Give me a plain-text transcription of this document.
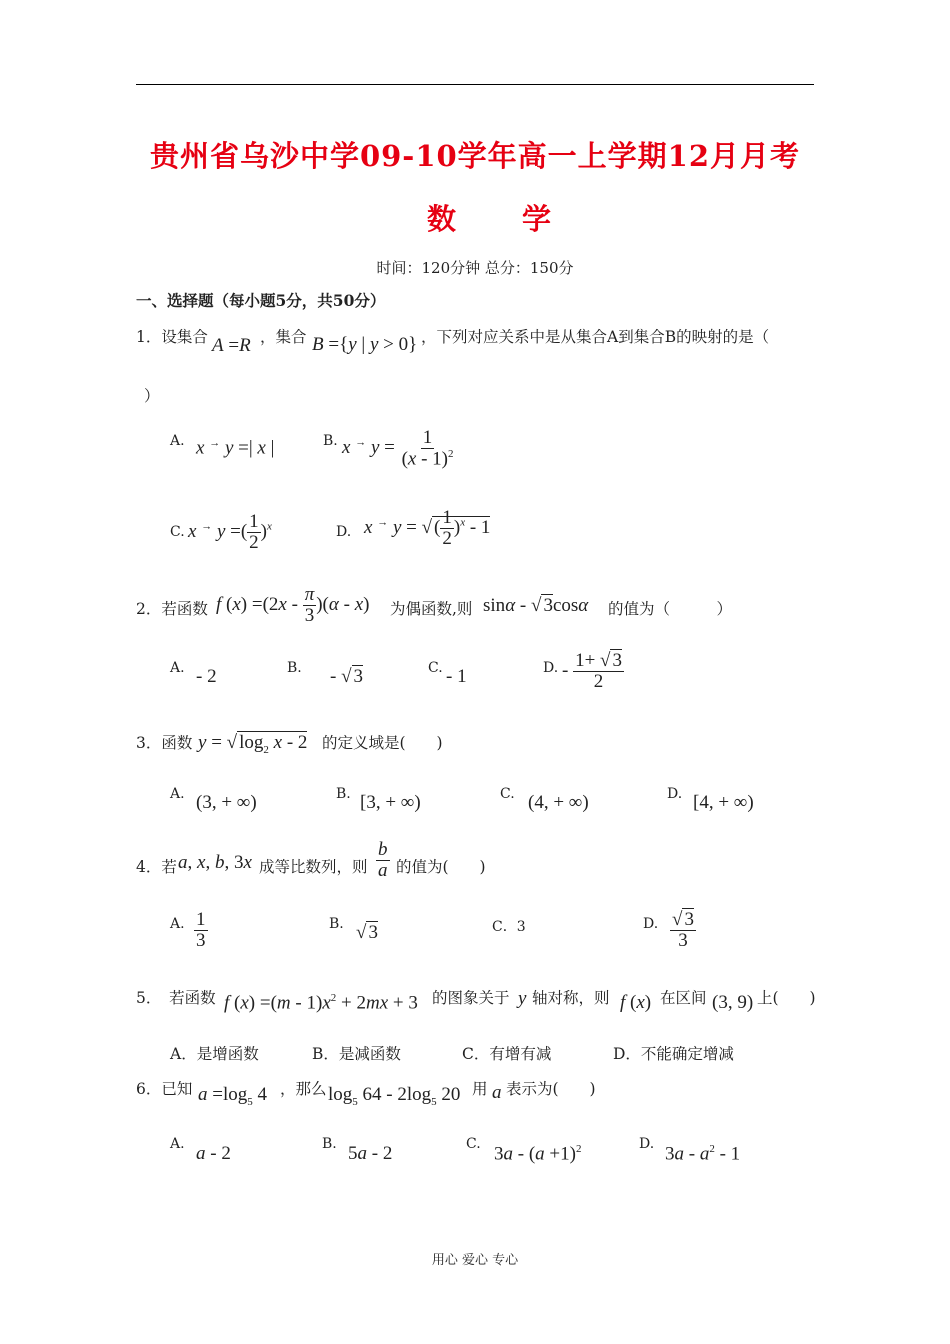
贵州省乌沙中学09-10学年高一上学期12月月考
数 学
时间：120分钟 总分：150分
一、选择题（每小题5分，共50分）
1．设集合 A =R ，集合 B ={y | y > 0} ，下列对应关系中是从集合A到集合B的映射的是（
）
A. x → y =| x |	B. x → $y = \frac{1}{(x - 1)^2}$
C. x → y =( $\frac{1}{2} )^x$	D. x → y = √ ( $\frac{1}{2} )^x - 1$
2．若函数 f $(x) =(2x - \frac{\pi}{3} )(\alpha - x)$ 为偶函数,则 sinα - √ 3cosα 的值为（　　　）
A. - 2	B. - √ 3	C. - 1	D. - $\frac{1+ √ 3}{2}$
3．函数 y = √ $\log_2 x - 2$ 的定义域是(　　)
A. (3, + ∞)	B. [3, + ∞)	C. (4, + ∞)	D. [4, + ∞)
4．若 a, x, b, 3x 成等比数列，则 $\frac{b}{a}$ 的值为(　　)
A. $\frac{1}{3}$	B. √ 3	C．3	D. $\frac{√ 3}{3}$
5．　若函数 f $(x) =(m - 1)x^2 + 2mx + 3$ 的图象关于 y 轴对称，则 f (x) 在区间 (3, 9) 上(　　)
A．是增函数	B．是减函数	C．有增有减	D．不能确定增减
6．已知 $a =\log_5$ 4 ，那么 $\log_5 64 - 2\log_5$ 20 用 a 表示为(　　)
A. a - 2	B. 5a - 2	C. $3a - (a +1)^2$	D. $3a - a^2 - 1$
用心 爱心 专心
